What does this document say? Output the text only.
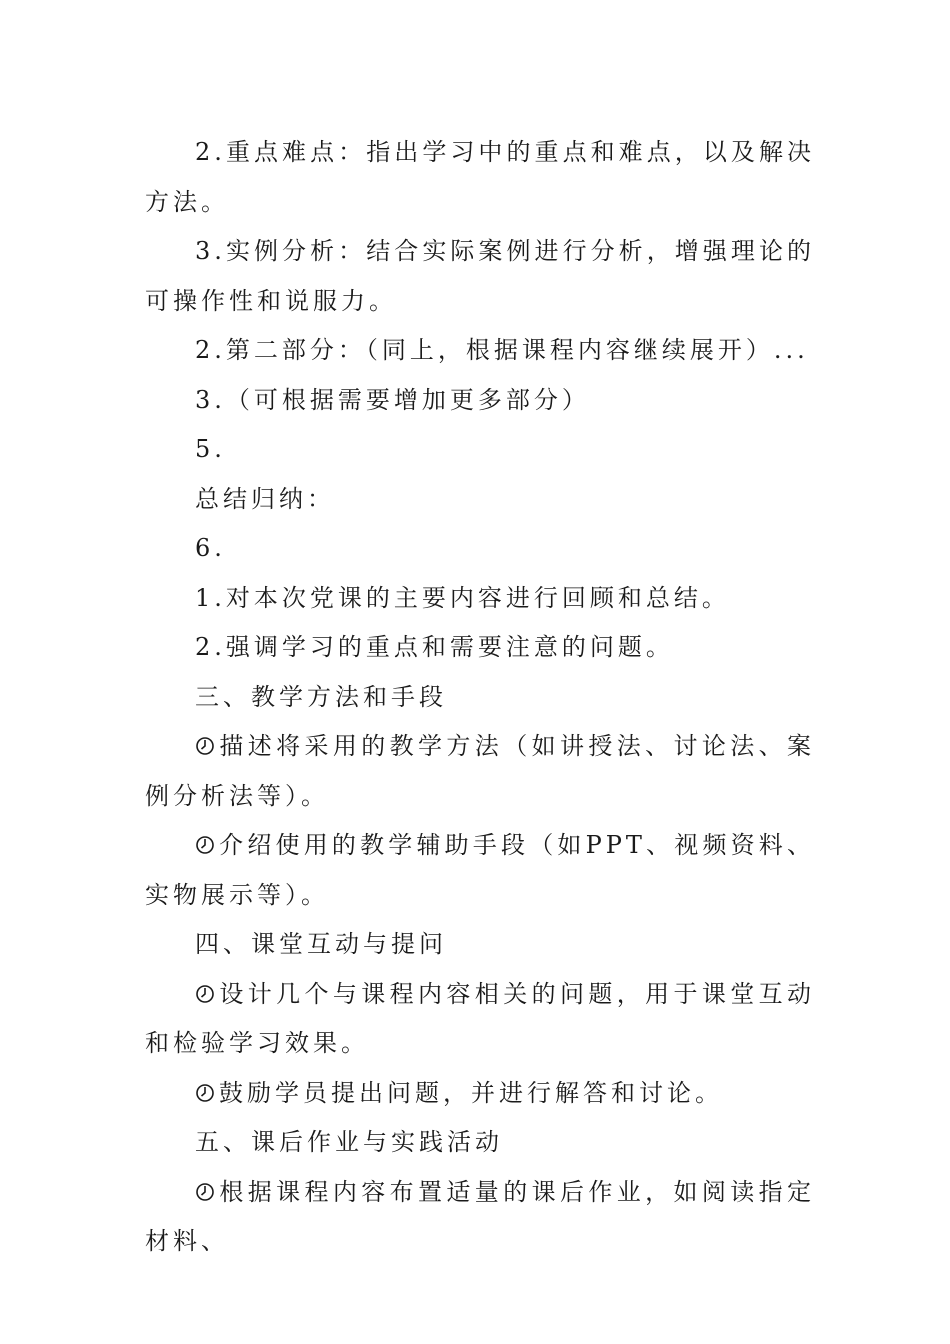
2.重点难点：指出学习中的重点和难点，以及解决方法。

3.实例分析：结合实际案例进行分析，增强理论的可操作性和说服力。

2.第二部分：（同上，根据课程内容继续展开）...

3.（可根据需要增加更多部分）

5.

总结归纳：

6.

1.对本次党课的主要内容进行回顾和总结。

2.强调学习的重点和需要注意的问题。

三、教学方法和手段

描述将采用的教学方法（如讲授法、讨论法、案例分析法等）。

介绍使用的教学辅助手段（如PPT、视频资料、实物展示等）。

四、课堂互动与提问

设计几个与课程内容相关的问题，用于课堂互动和检验学习效果。

鼓励学员提出问题，并进行解答和讨论。

五、课后作业与实践活动

根据课程内容布置适量的课后作业，如阅读指定材料、
